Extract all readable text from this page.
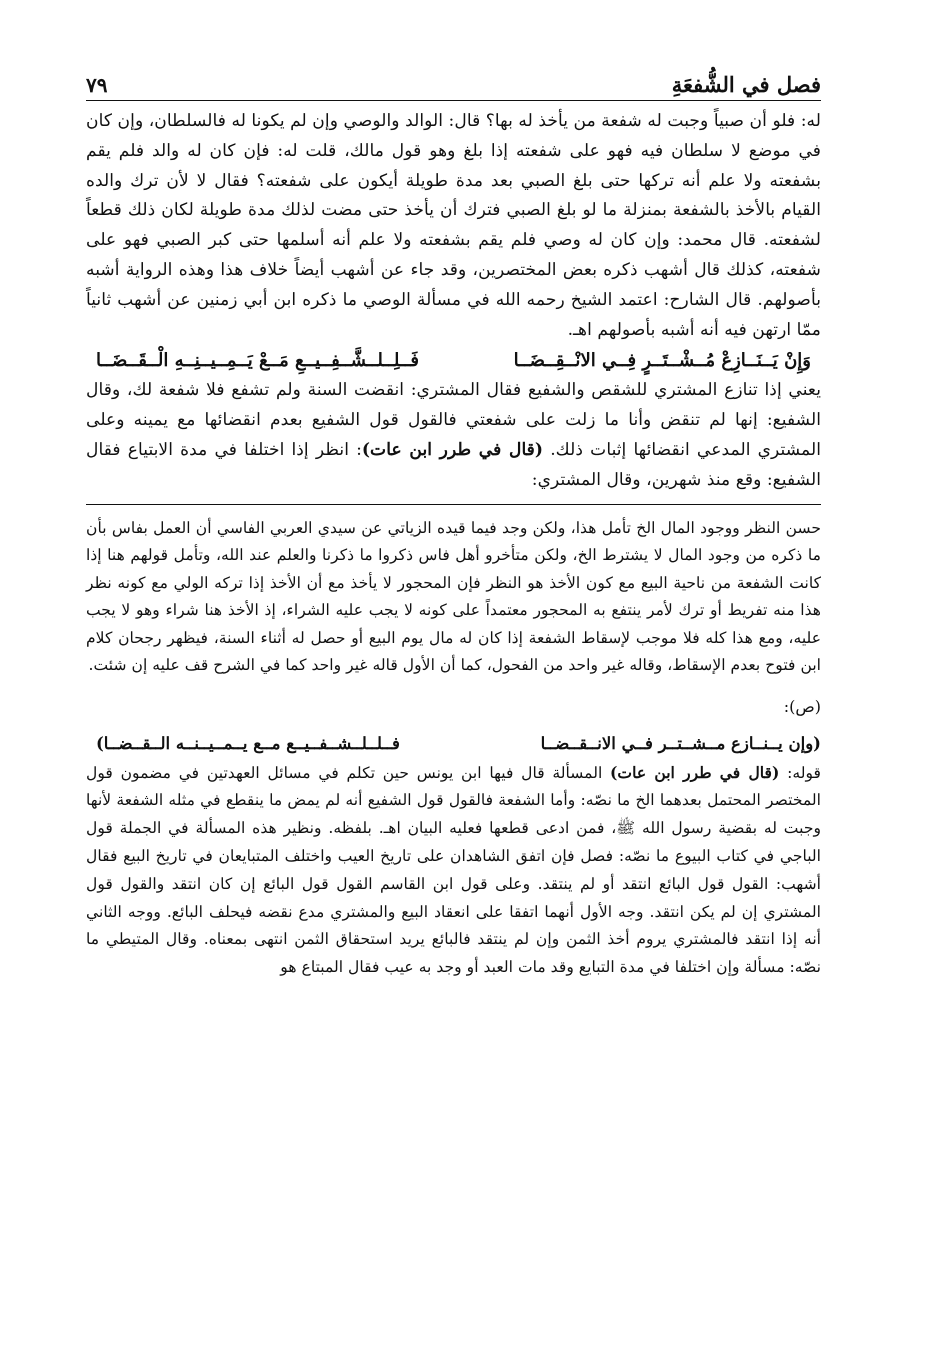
فصل في الشُّفعَةِ
٧٩

له: فلو أن صبياً وجبت له شفعة من يأخذ له بها؟ قال: الوالد والوصي وإن لم يكونا له فالسلطان، وإن كان في موضع لا سلطان فيه فهو على شفعته إذا بلغ وهو قول مالك، قلت له: فإن كان له والد فلم يقم بشفعته ولا علم أنه تركها حتى بلغ الصبي بعد مدة طويلة أيكون على شفعته؟ فقال لا لأن ترك والده القيام بالأخذ بالشفعة بمنزلة ما لو بلغ الصبي فترك أن يأخذ حتى مضت لذلك مدة طويلة لكان ذلك قطعاً لشفعته. قال محمد: وإن كان له وصي فلم يقم بشفعته ولا علم أنه أسلمها حتى كبر الصبي فهو على شفعته، كذلك قال أشهب ذكره بعض المختصرين، وقد جاء عن أشهب أيضاً خلاف هذا وهذه الرواية أشبه بأصولهم. قال الشارح: اعتمد الشيخ رحمه الله في مسألة الوصي ما ذكره ابن أبي زمنين عن أشهب ثانياً ممّا ارتهن فيه أنه أشبه بأصولهم اهـ.

وَإِنْ يَــنَــازِعْ مُــشْــتَــرٍ فِــي الانْــقِــضَــا
فَــلِــلــشَّــفِــيــعِ مَــعْ يَــمِــيــنِــهِ الْــقَــضَــا

يعني إذا تنازع المشتري للشقص والشفيع فقال المشتري: انقضت السنة ولم تشفع فلا شفعة لك، وقال الشفيع: إنها لم تنقض وأنا ما زلت على شفعتي فالقول قول الشفيع بعدم انقضائها مع يمينه وعلى المشتري المدعي انقضائها إثبات ذلك. (قال في طرر ابن عات): انظر إذا اختلفا في مدة الابتياع فقال الشفيع: وقع منذ شهرين، وقال المشتري:

حسن النظر ووجود المال الخ تأمل هذا، ولكن وجد فيما قيده الزياتي عن سيدي العربي الفاسي أن العمل بفاس بأن ما ذكره من وجود المال لا يشترط الخ، ولكن متأخرو أهل فاس ذكروا ما ذكرنا والعلم عند الله، وتأمل قولهم هنا إذا كانت الشفعة من ناحية البيع مع كون الأخذ هو النظر فإن المحجور لا يأخذ مع أن الأخذ إذا تركه الولي مع كونه نظر هذا منه تفريط أو ترك لأمر ينتفع به المحجور معتمداً على كونه لا يجب عليه الشراء، إذ الأخذ هنا شراء وهو لا يجب عليه، ومع هذا كله فلا موجب لإسقاط الشفعة إذا كان له مال يوم البيع أو حصل له أثناء السنة، فيظهر رجحان كلام ابن فتوح بعدم الإسقاط، وقاله غير واحد من الفحول، كما أن الأول قاله غير واحد كما في الشرح قف عليه إن شئت.

(ص):
(وإن يــنــازع مــشــتــر فــي الانــقــضــا
فــلــلــشــفــيــع مــع يــمــيــنــه الــقــضــا)

قوله: (قال في طرر ابن عات) المسألة قال فيها ابن يونس حين تكلم في مسائل العهدتين في مضمون قول المختصر المحتمل بعدهما الخ ما نصّه: وأما الشفعة فالقول قول الشفيع أنه لم يمض ما ينقطع في مثله الشفعة لأنها وجبت له بقضية رسول الله ﷺ، فمن ادعى قطعها فعليه البيان اهـ. بلفظه. ونظير هذه المسألة في الجملة قول الباجي في كتاب البيوع ما نصّه: فصل فإن اتفق الشاهدان على تاريخ العيب واختلف المتبايعان في تاريخ البيع فقال أشهب: القول قول البائع انتقد أو لم ينتقد. وعلى قول ابن القاسم القول قول البائع إن كان انتقد والقول قول المشتري إن لم يكن انتقد. وجه الأول أنهما اتفقا على انعقاد البيع والمشتري مدع نقضه فيحلف البائع. ووجه الثاني أنه إذا انتقد فالمشتري يروم أخذ الثمن وإن لم ينتقد فالبائع يريد استحقاق الثمن انتهى بمعناه. وقال المتيطي ما نصّه: مسألة وإن اختلفا في مدة التبايع وقد مات العبد أو وجد به عيب فقال المبتاع هو
